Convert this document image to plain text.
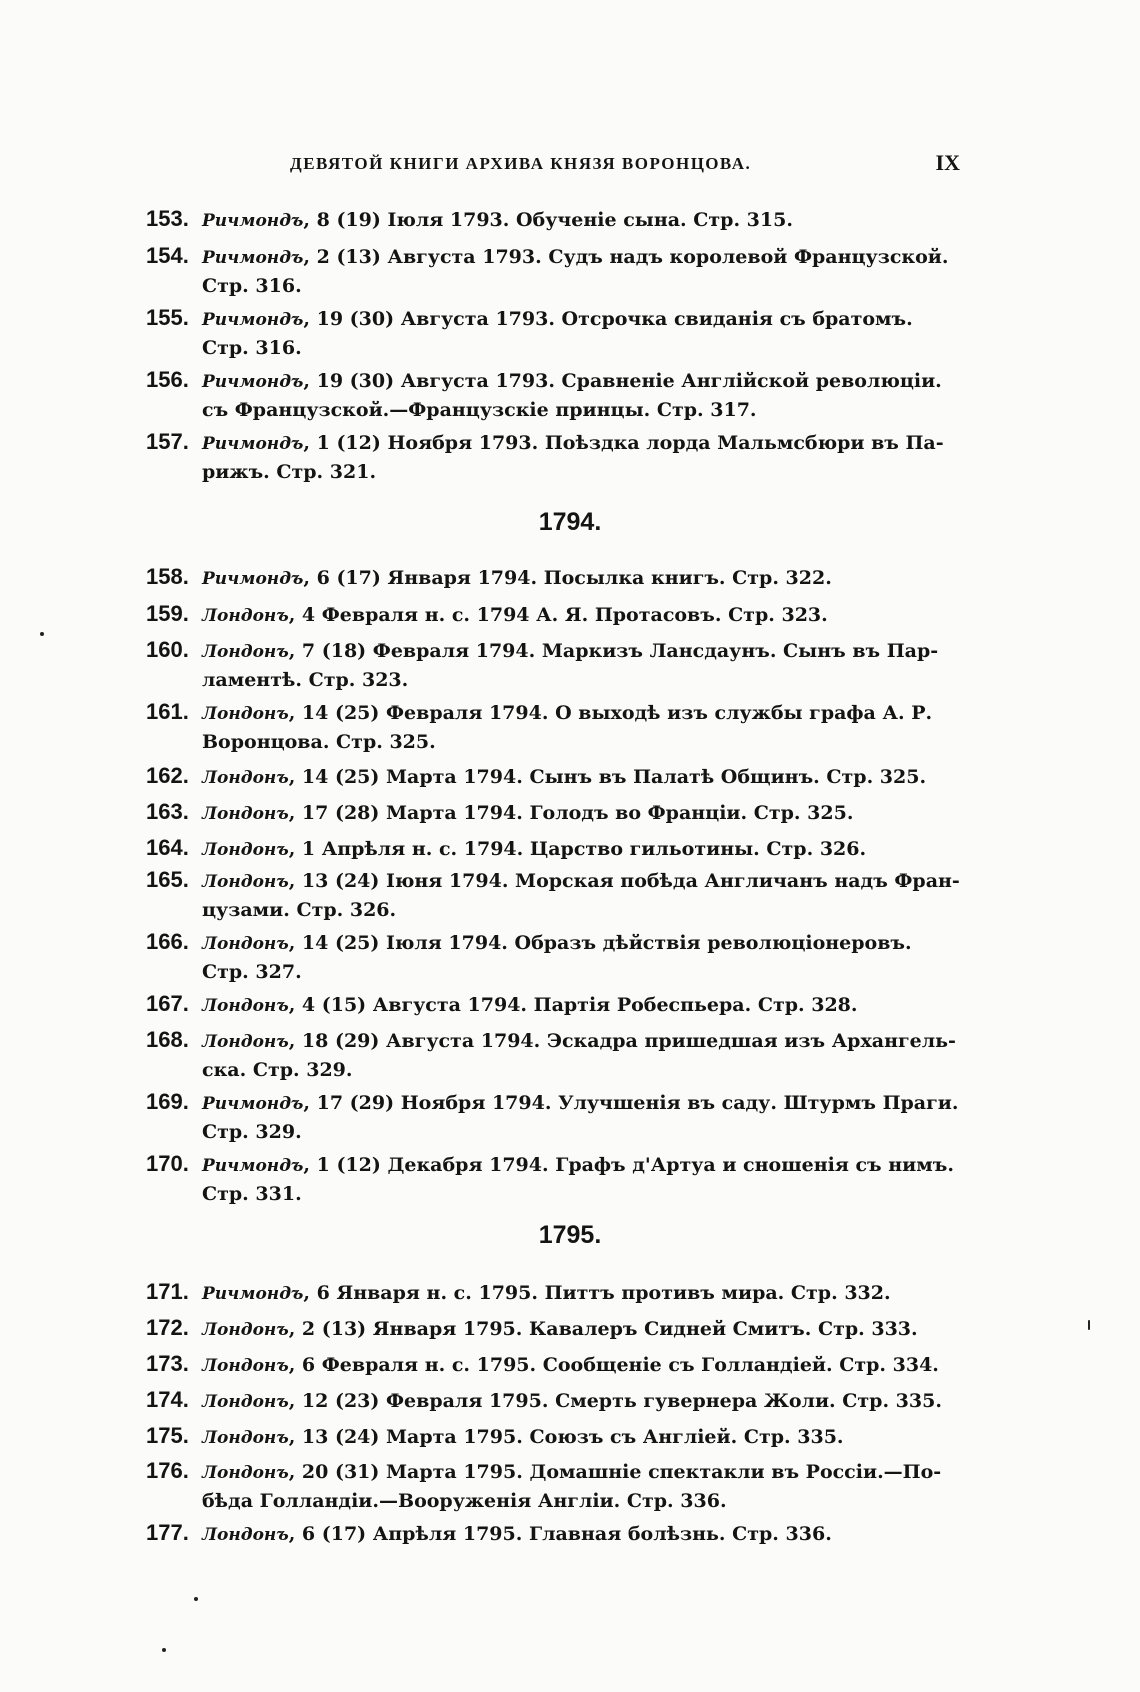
ДЕВЯТОЙ КНИГИ АРХИВА КНЯЗЯ ВОРОНЦОВА.	IX
153. Ричмондъ, 8 (19) Іюля 1793. Обученіе сына. Стр. 315.
154. Ричмондъ, 2 (13) Августа 1793. Судъ надъ королевой Французской.
Стр. 316.
155. Ричмондъ, 19 (30) Августа 1793. Отсрочка свиданія съ братомъ.
Стр. 316.
156. Ричмондъ, 19 (30) Августа 1793. Сравненіе Англійской революціи.
съ Французской.—Французскіе принцы. Стр. 317.
157. Ричмондъ, 1 (12) Ноября 1793. Поѣздка лорда Мальмсбюри въ Па-
рижъ. Стр. 321.
1794.
158. Ричмондъ, 6 (17) Января 1794. Посылка книгъ. Стр. 322.
159. Лондонъ, 4 Февраля н. с. 1794 А. Я. Протасовъ. Стр. 323.
160. Лондонъ, 7 (18) Февраля 1794. Маркизъ Лансдаунъ. Сынъ въ Пар-
ламентѣ. Стр. 323.
161. Лондонъ, 14 (25) Февраля 1794. О выходѣ изъ службы графа А. Р.
Воронцова. Стр. 325.
162. Лондонъ, 14 (25) Марта 1794. Сынъ въ Палатѣ Общинъ. Стр. 325.
163. Лондонъ, 17 (28) Марта 1794. Голодъ во Франціи. Стр. 325.
164. Лондонъ, 1 Апрѣля н. с. 1794. Царство гильотины. Стр. 326.
165. Лондонъ, 13 (24) Іюня 1794. Морская побѣда Англичанъ надъ Фран-
цузами. Стр. 326.
166. Лондонъ, 14 (25) Іюля 1794. Образъ дѣйствія революціонеровъ.
Стр. 327.
167. Лондонъ, 4 (15) Августа 1794. Партія Робеспьера. Стр. 328.
168. Лондонъ, 18 (29) Августа 1794. Эскадра пришедшая изъ Архангель-
ска. Стр. 329.
169. Ричмондъ, 17 (29) Ноября 1794. Улучшенія въ саду. Штурмъ Праги.
Стр. 329.
170. Ричмондъ, 1 (12) Декабря 1794. Графъ д'Артуа и сношенія съ нимъ.
Стр. 331.
1795.
171. Ричмондъ, 6 Января н. с. 1795. Питтъ противъ мира. Стр. 332.
172. Лондонъ, 2 (13) Января 1795. Кавалеръ Сидней Смитъ. Стр. 333.
173. Лондонъ, 6 Февраля н. с. 1795. Сообщеніе съ Голландіей. Стр. 334.
174. Лондонъ, 12 (23) Февраля 1795. Смерть гувернера Жоли. Стр. 335.
175. Лондонъ, 13 (24) Марта 1795. Союзъ съ Англіей. Стр. 335.
176. Лондонъ, 20 (31) Марта 1795. Домашніе спектакли въ Россіи.—По-
бѣда Голландіи.—Вооруженія Англіи. Стр. 336.
177. Лондонъ, 6 (17) Апрѣля 1795. Главная болѣзнь. Стр. 336.
